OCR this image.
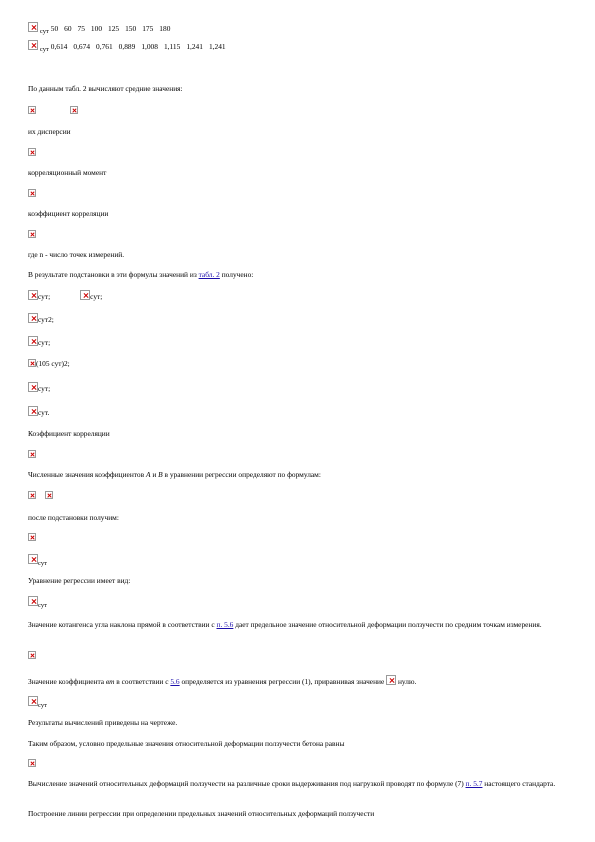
сут 50 60 75 100 125 150 175 180
сут 0,614 0,674 0,761 0,889 1,008 1,115 1,241 1,241
По данным табл. 2 вычисляют средние значения:
их дисперсии
корреляционный момент
коэффициент корреляции
где n - число точек измерений.
В результате подстановки в эти формулы значений из табл. 2 получено:
сут;	сут;
сут2;
сут;
(105 сут)2;
сут;
сут.
Коэффициент корреляции
Численные значения коэффициентов A и B в уравнении регрессии определяют по формулам:
после подстановки получим:
сут
Уравнение регрессии имеет вид:
сут
Значение котангенса угла наклона прямой в соответствии с п. 5.6 дает предельное значение относительной деформации ползучести по средним точкам измерения.
Значение коэффициента вт в соответствии с 5.6 определяется из уравнения регрессии (1), приравнивая значение  нулю.
сут
Результаты вычислений приведены на чертеже.
Таким образом, условно предельные значения относительной деформации ползучести бетона равны
Вычисление значений относительных деформаций ползучести на различные сроки выдерживания под нагрузкой проводят по формуле (7) п. 5.7 настоящего стандарта.
Построение линии регрессии при определении предельных значений относительных деформаций ползучести
